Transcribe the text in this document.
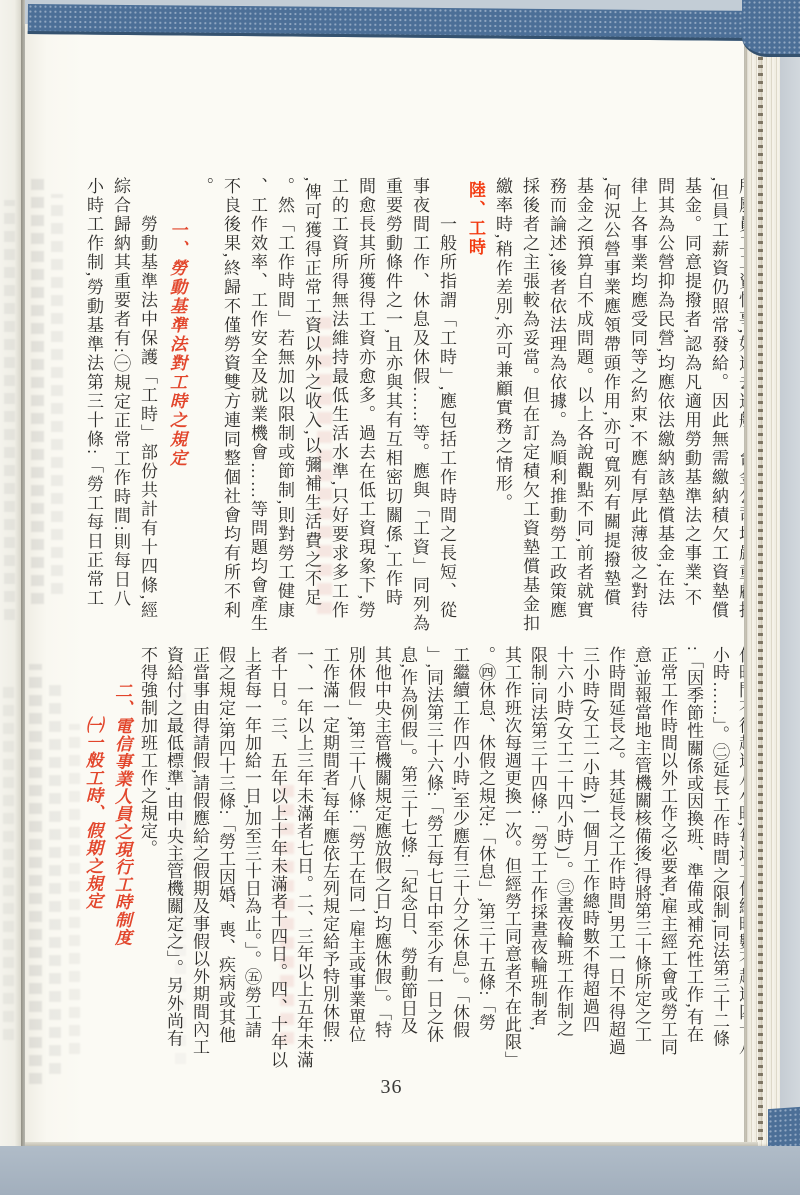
,但員工薪資仍照常發給。因此無需繳納積欠工資墊償
基金。同意提撥者,認為凡適用勞動基準法之事業,不
問其為公營抑為民營,均應依法繳納該墊償基金,在法
律上各事業均應受同等之約束,不應有厚此薄彼之對待
,何況公營事業應領帶頭作用,亦可寬列有關提撥墊償
基金之預算自不成問題。以上各說觀點不同,前者就實
務而論述,後者依法理為依據。為順利推動勞工政策應
採後者之主張較為妥當。但在訂定積欠工資墊償基金扣
繳率時,稍作差別,亦可兼顧實務之情形。
陸、工時
一般所指謂「工時」,應包括工作時間之長短、從
事夜間工作、休息及休假……等。應與「工資」同列為
重要勞動條件之一,且亦與其有互相密切關係,工作時
間愈長其所獲得工資亦愈多。過去在低工資現象下,勞
工的工資所得無法維持最低生活水準,只好要求多工作
,俾可獲得正常工資以外之收入,以彌補生活費之不足
。然「工作時間」若無加以限制或節制,則對勞工健康
、工作效率、工作安全及就業機會……等問題均會產生
不良後果,終歸不僅勞資雙方連同整個社會均有所不利
。
一、勞動基準法對工時之規定
勞動基準法中保護「工時」部份共計有十四條,經
綜合歸納其重要者有:㊀規定正常工作時間:則每日八
小時工作制,勞動基準法第三十條:「勞工每日正常工
小時……」。㊁延長工作時間之限制,同法第三十二條
:「因季節性關係或因換班、準備或補充性工作,有在
正常工作時間以外工作之必要者,雇主經工會或勞工同
意,並報當地主管機關核備後,得將第三十條所定之工
作時間延長之。其延長之工作時間,男工一日不得超過
三小時(女工二小時),一個月工作總時數不得超過四
十六小時(女工二十四小時)」。㊂晝夜輪班工作制之
限制:同法第三十四條:「勞工工作採晝夜輪班制者,
其工作班次每週更換一次。但經勞工同意者不在此限」
。㊃休息、休假之規定:「休息」,第三十五條:「勞
工繼續工作四小時,至少應有三十分之休息」。「休假
」,同法第三十六條:「勞工每七日中至少有一日之休
息,作為例假」。第三十七條:「紀念日、勞動節日及
其他中央主管機關規定應放假之日,均應休假」。「特
別休假」,第三十八條:「勞工在同一雇主或事業單位
工作滿一定期間者,每年應依左列規定給予特別休假:
一、一年以上三年未滿者七日。二、三年以上五年未滿
者十日。三、五年以上十年未滿者十四日。四、十年以
上者每一年加給一日,加至三十日為止。」。㊄勞工請
假之規定:第四十三條:「勞工因婚、喪、疾病或其他
正當事由得請假,請假應給之假期及事假以外期間內工
資給付之最低標準,由中央主管機關定之」。另外尚有
不得強制加班工作之規定。
二、電信事業人員之現行工時制度
㈠一般工時、假期之規定
36
